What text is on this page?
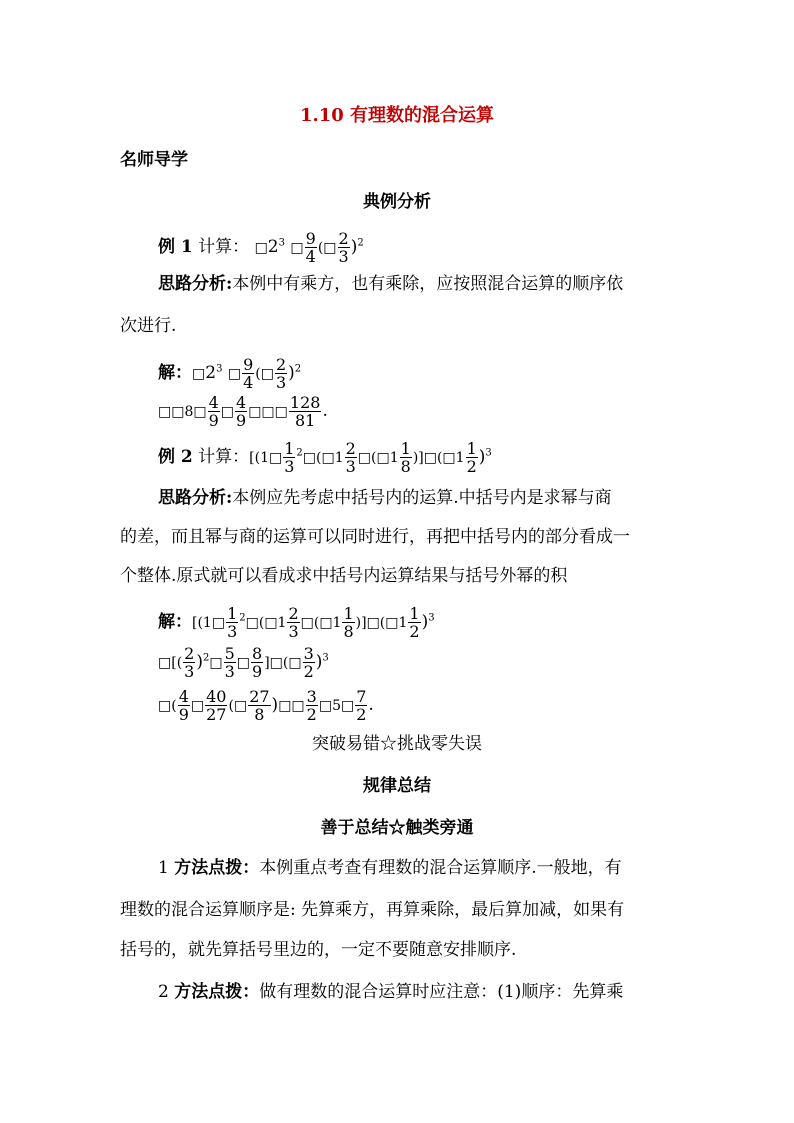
1.10 有理数的混合运算
名师导学
典例分析
例 1 计算： $□2^3$ □ $\frac{9}{4}$ (□ $\frac{2}{3} )^2$
思路分析:本例中有乘方，也有乘除，应按照混合运算的顺序依
次进行.
解：$□2^3$ □ $\frac{9}{4}$ (□ $\frac{2}{3} )^2$
□□8□ $\frac{4}{9}$ □ $\frac{4}{9}$ □□□ $\frac{128}{81}$ .
例 2 计算：[(1□ $\frac{1}{3}$ $^2$□(□1 $\frac{2}{3}$ □(□1 $\frac{1}{8}$ )]□(□1 $\frac{1}{2} )^3$
思路分析:本例应先考虑中括号内的运算.中括号内是求幂与商
的差，而且幂与商的运算可以同时进行，再把中括号内的部分看成一
个整体.原式就可以看成求中括号内运算结果与括号外幂的积
解：[(1□ $\frac{1}{3}$ $^2$□(□1 $\frac{2}{3}$ □(□1 $\frac{1}{8}$ )]□(□1 $\frac{1}{2} )^3$
□[( $\frac{2}{3}$ )$^2$□ $\frac{5}{3}$ □ $\frac{8}{9}$ ]□(□ $\frac{3}{2} )^3$
□( $\frac{4}{9}$ □ $\frac{40}{27}$ (□ $\frac{27}{8}$ )□□ $\frac{3}{2}$ □5□ $\frac{7}{2}$ .
突破易错☆挑战零失误
规律总结
善于总结☆触类旁通
1 方法点拨：本例重点考查有理数的混合运算顺序.一般地，有
理数的混合运算顺序是: 先算乘方，再算乘除，最后算加减，如果有
括号的，就先算括号里边的，一定不要随意安排顺序.
2 方法点拨：做有理数的混合运算时应注意：(1)顺序：先算乘
